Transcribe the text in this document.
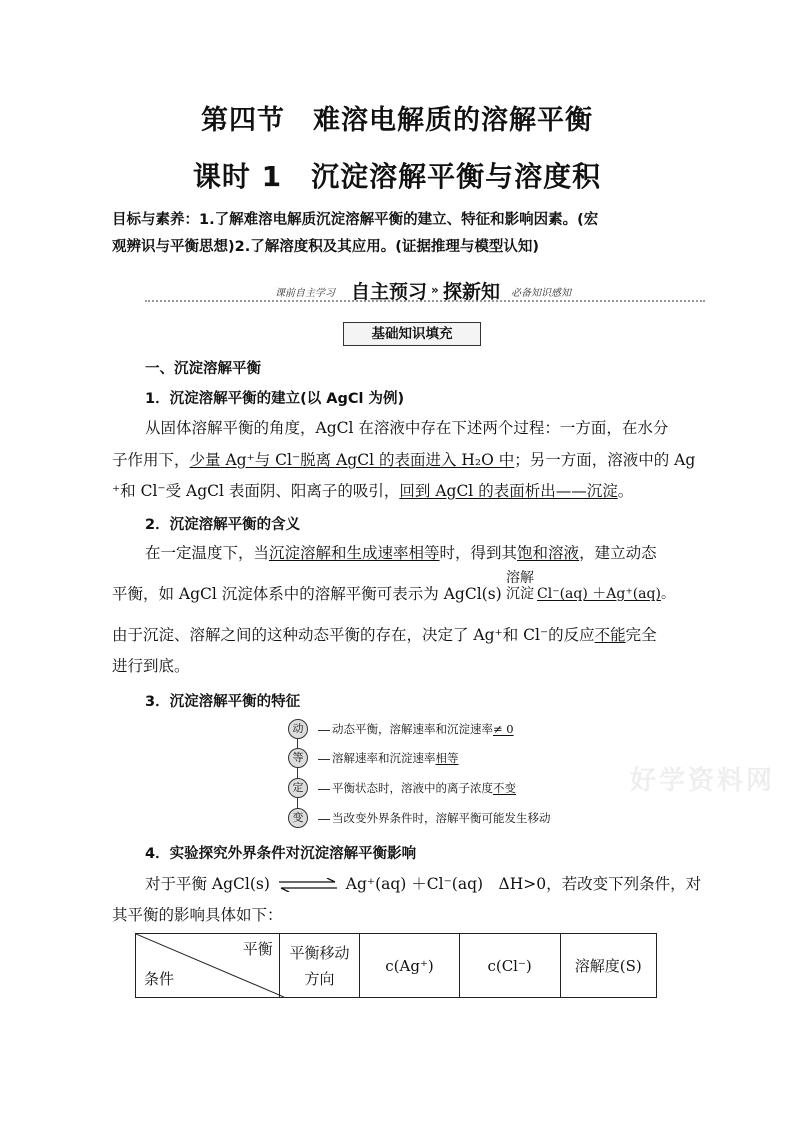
第四节　难溶电解质的溶解平衡
课时 1　沉淀溶解平衡与溶度积
目标与素养：1.了解难溶电解质沉淀溶解平衡的建立、特征和影响因素。(宏
观辨识与平衡思想)2.了解溶度积及其应用。(证据推理与模型认知)
课前自主学习 自主预习 » 探新知 必备知识感知
基础知识填充
一、沉淀溶解平衡
1．沉淀溶解平衡的建立(以 AgCl 为例)
从固体溶解平衡的角度，AgCl 在溶液中存在下述两个过程：一方面，在水分
子作用下，少量 Ag⁺与 Cl⁻脱离 AgCl 的表面进入 H₂O 中；另一方面，溶液中的 Ag
⁺和 Cl⁻受 AgCl 表面阴、阳离子的吸引，回到 AgCl 的表面析出——沉淀。
2．沉淀溶解平衡的含义
在一定温度下，当沉淀溶解和生成速率相等时，得到其饱和溶液，建立动态
平衡，如 AgCl 沉淀体系中的溶解平衡可表示为 AgCl(s)
溶解
沉淀 Cl⁻(aq) ＋Ag⁺(aq)。
由于沉淀、溶解之间的这种动态平衡的存在，决定了 Ag⁺和 Cl⁻的反应不能完全
进行到底。
3．沉淀溶解平衡的特征
动	动态平衡，溶解速率和沉淀速率≠ 0
等	溶解速率和沉淀速率相等
定	平衡状态时，溶液中的离子浓度不变
变	当改变外界条件时，溶解平衡可能发生移动
好学资料网
4．实验探究外界条件对沉淀溶解平衡影响
对于平衡 AgCl(s) ⇌ Ag⁺(aq) ＋Cl⁻(aq)　ΔH>0，若改变下列条件，对
其平衡的影响具体如下：
平衡
条件
	平衡移动
方向	c(Ag⁺)	c(Cl⁻)	溶解度(S)
